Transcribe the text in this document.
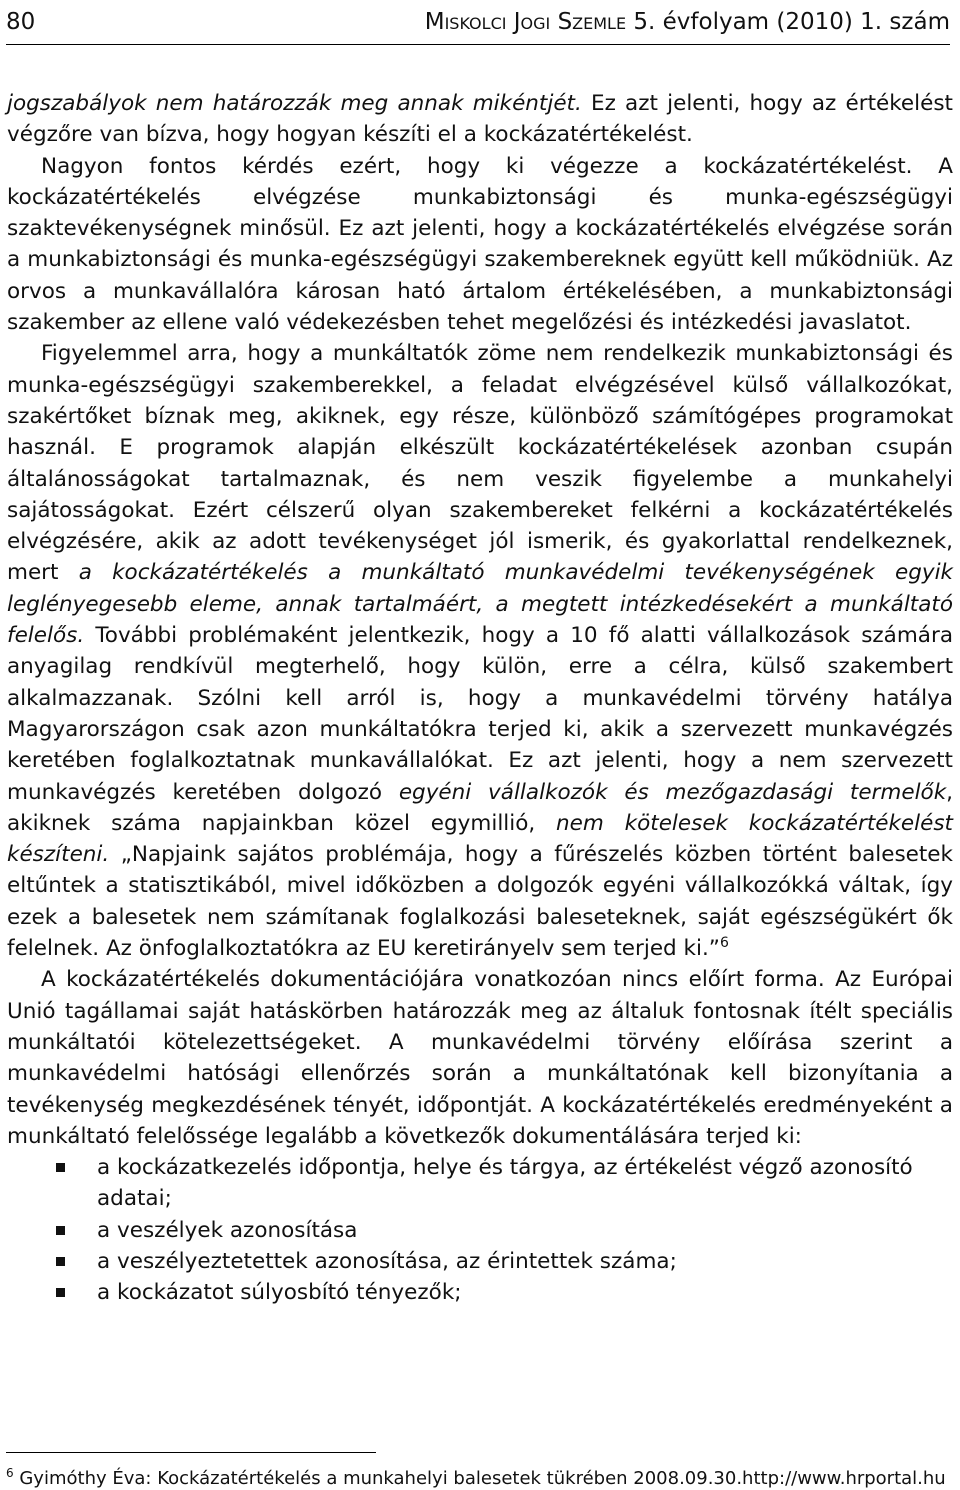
80	Miskolci Jogi Szemle 5. évfolyam (2010) 1. szám

jogszabályok nem határozzák meg annak mikéntjét. Ez azt jelenti, hogy az értékelést végzőre van bízva, hogy hogyan készíti el a kockázatértékelést.

Nagyon fontos kérdés ezért, hogy ki végezze a kockázatértékelést. A kockázatértékelés elvégzése munkabiztonsági és munka-egészségügyi szaktevékenységnek minősül. Ez azt jelenti, hogy a kockázatértékelés elvégzése során a munkabiztonsági és munka-egészségügyi szakembereknek együtt kell működniük. Az orvos a munkavállalóra károsan ható ártalom értékelésében, a munkabiztonsági szakember az ellene való védekezésben tehet megelőzési és intézkedési javaslatot.

Figyelemmel arra, hogy a munkáltatók zöme nem rendelkezik munkabiztonsági és munka-egészségügyi szakemberekkel, a feladat elvégzésével külső vállalkozókat, szakértőket bíznak meg, akiknek, egy része, különböző számítógépes programokat használ. E programok alapján elkészült kockázatértékelések azonban csupán általánosságokat tartalmaznak, és nem veszik figyelembe a munkahelyi sajátosságokat. Ezért célszerű olyan szakembereket felkérni a kockázatértékelés elvégzésére, akik az adott tevékenységet jól ismerik, és gyakorlattal rendelkeznek, mert a kockázatértékelés a munkáltató munkavédelmi tevékenységének egyik leglényegesebb eleme, annak tartalmáért, a megtett intézkedésekért a munkáltató felelős. További problémaként jelentkezik, hogy a 10 fő alatti vállalkozások számára anyagilag rendkívül megterhelő, hogy külön, erre a célra, külső szakembert alkalmazzanak. Szólni kell arról is, hogy a munkavédelmi törvény hatálya Magyarországon csak azon munkáltatókra terjed ki, akik a szervezett munkavégzés keretében foglalkoztatnak munkavállalókat. Ez azt jelenti, hogy a nem szervezett munkavégzés keretében dolgozó egyéni vállalkozók és mezőgazdasági termelők, akiknek száma napjainkban közel egymillió, nem kötelesek kockázatértékelést készíteni. „Napjaink sajátos problémája, hogy a fűrészelés közben történt balesetek eltűntek a statisztikából, mivel időközben a dolgozók egyéni vállalkozókká váltak, így ezek a balesetek nem számítanak foglalkozási baleseteknek, saját egészségükért ők felelnek. Az önfoglalkoztatókra az EU keretirányelv sem terjed ki.”$^6$

A kockázatértékelés dokumentációjára vonatkozóan nincs előírt forma. Az Európai Unió tagállamai saját hatáskörben határozzák meg az általuk fontosnak ítélt speciális munkáltatói kötelezettségeket. A munkavédelmi törvény előírása szerint a munkavédelmi hatósági ellenőrzés során a munkáltatónak kell bizonyítania a tevékenység megkezdésének tényét, időpontját. A kockázatértékelés eredményeként a munkáltató felelőssége legalább a következők dokumentálására terjed ki:

a kockázatkezelés időpontja, helye és tárgya, az értékelést végző azonosító adatai;
a veszélyek azonosítása
a veszélyeztetettek azonosítása, az érintettek száma;
a kockázatot súlyosbító tényezők;
$^6$ Gyimóthy Éva: Kockázatértékelés a munkahelyi balesetek tükrében 2008.09.30.http://www.hrportal.hu
